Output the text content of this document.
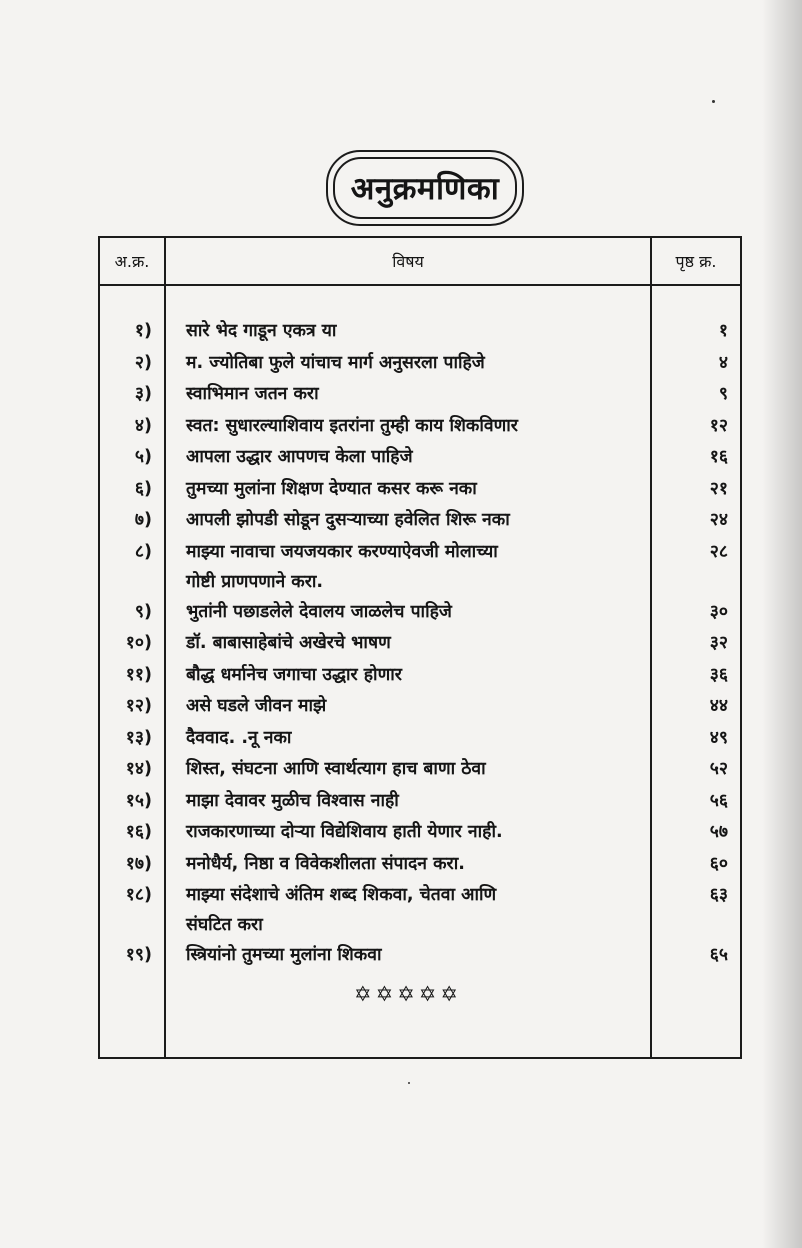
अनुक्रमणिका
अ.क्र.	विषय	पृष्ठ क्र.

१)	सारे भेद गाडून एकत्र या	१
२)	म. ज्योतिबा फुले यांचाच मार्ग अनुसरला पाहिजे	४
३)	स्वाभिमान जतन करा	९
४)	स्वत: सुधारल्याशिवाय इतरांना तुम्ही काय शिकविणार	१२
५)	आपला उद्धार आपणच केला पाहिजे	१६
६)	तुमच्या मुलांना शिक्षण देण्यात कसर करू नका	२१
७)	आपली झोपडी सोडून दुसऱ्याच्या हवेलित शिरू नका	२४
८)	माझ्या नावाचा जयजयकार करण्याऐवजी मोलाच्या
गोष्टी प्राणपणाने करा.	२८
९)	भुतांनी पछाडलेले देवालय जाळलेच पाहिजे	३०
१०)	डॉ. बाबासाहेबांचे अखेरचे भाषण	३२
११)	बौद्ध धर्मानेच जगाचा उद्धार होणार	३६
१२)	असे घडले जीवन माझे	४४
१३)	दैववाद. .नू नका	४९
१४)	शिस्त, संघटना आणि स्वार्थत्याग हाच बाणा ठेवा	५२
१५)	माझा देवावर मुळीच विश्वास नाही	५६
१६)	राजकारणाच्या दोऱ्या विद्येशिवाय हाती येणार नाही.	५७
१७)	मनोधैर्य, निष्ठा व विवेकशीलता संपादन करा.	६०
१८)	माझ्या संदेशाचे अंतिम शब्द शिकवा, चेतवा आणि
संघटित करा	६३
१९)	स्त्रियांनो तुमच्या मुलांना शिकवा	६५

	✡✡✡✡✡	
